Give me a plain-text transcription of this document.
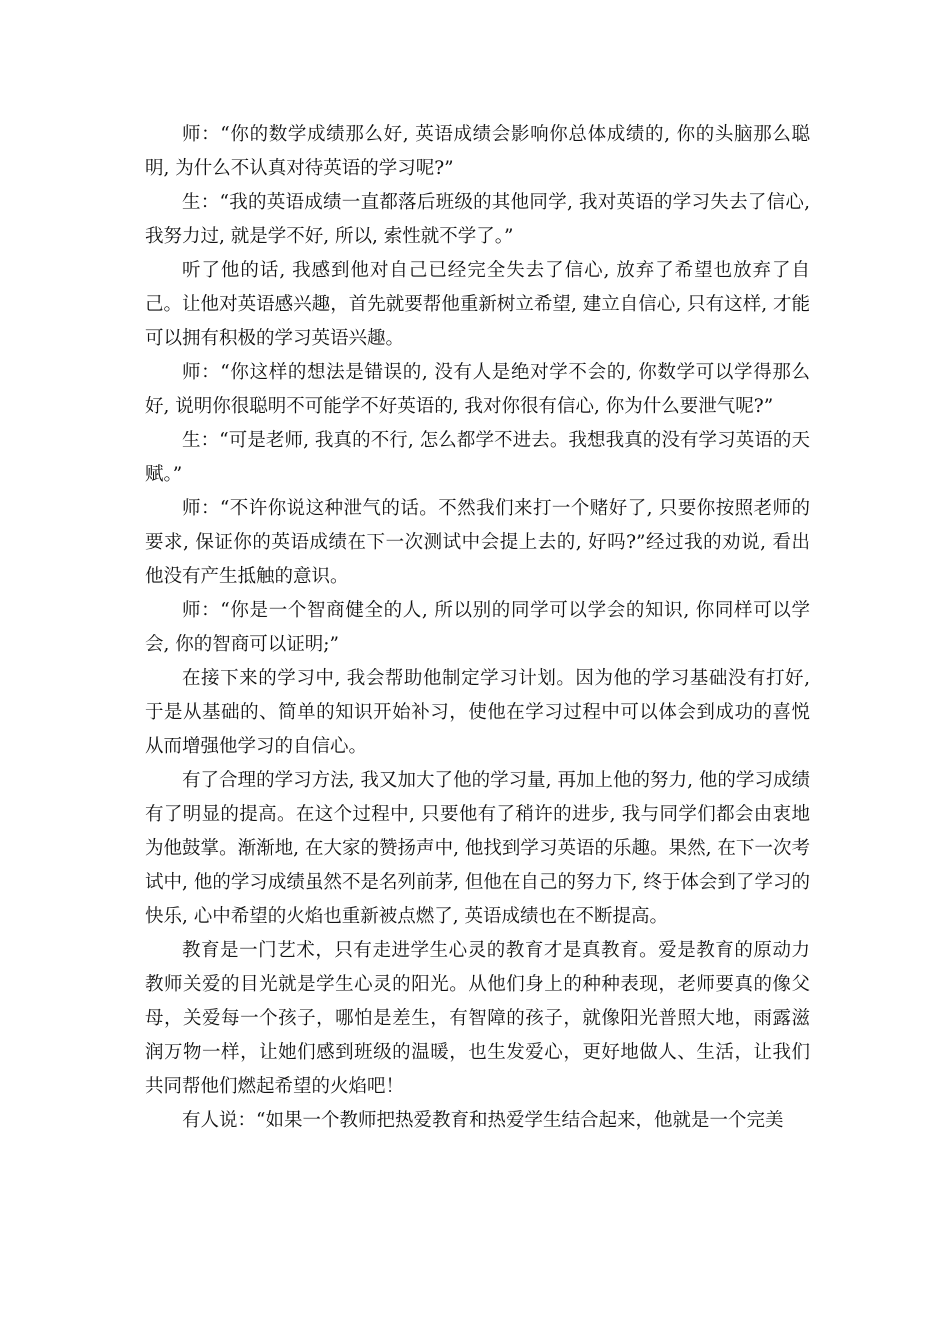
师：“你的数学成绩那么好, 英语成绩会影响你总体成绩的, 你的头脑那么聪明, 为什么不认真对待英语的学习呢?”

生：“我的英语成绩一直都落后班级的其他同学, 我对英语的学习失去了信心, 我努力过, 就是学不好, 所以, 索性就不学了。”

听了他的话, 我感到他对自己已经完全失去了信心, 放弃了希望也放弃了自己。让他对英语感兴趣，首先就要帮他重新树立希望, 建立自信心, 只有这样, 才能可以拥有积极的学习英语兴趣。

师：“你这样的想法是错误的, 没有人是绝对学不会的, 你数学可以学得那么好, 说明你很聪明不可能学不好英语的, 我对你很有信心, 你为什么要泄气呢?”

生：“可是老师, 我真的不行, 怎么都学不进去。我想我真的没有学习英语的天赋。”

师：“不许你说这种泄气的话。不然我们来打一个赌好了, 只要你按照老师的要求, 保证你的英语成绩在下一次测试中会提上去的, 好吗?”经过我的劝说, 看出他没有产生抵触的意识。

师：“你是一个智商健全的人, 所以别的同学可以学会的知识, 你同样可以学会, 你的智商可以证明;”

在接下来的学习中, 我会帮助他制定学习计划。因为他的学习基础没有打好, 于是从基础的、简单的知识开始补习，使他在学习过程中可以体会到成功的喜悦从而增强他学习的自信心。

有了合理的学习方法, 我又加大了他的学习量, 再加上他的努力, 他的学习成绩有了明显的提高。在这个过程中, 只要他有了稍许的进步, 我与同学们都会由衷地为他鼓掌。渐渐地, 在大家的赞扬声中, 他找到学习英语的乐趣。果然, 在下一次考试中, 他的学习成绩虽然不是名列前茅, 但他在自己的努力下, 终于体会到了学习的快乐, 心中希望的火焰也重新被点燃了, 英语成绩也在不断提高。

教育是一门艺术，只有走进学生心灵的教育才是真教育。爱是教育的原动力教师关爱的目光就是学生心灵的阳光。从他们身上的种种表现，老师要真的像父母，关爱每一个孩子，哪怕是差生，有智障的孩子，就像阳光普照大地，雨露滋润万物一样，让她们感到班级的温暖，也生发爱心，更好地做人、生活，让我们共同帮他们燃起希望的火焰吧！

有人说：“如果一个教师把热爱教育和热爱学生结合起来，他就是一个完美
